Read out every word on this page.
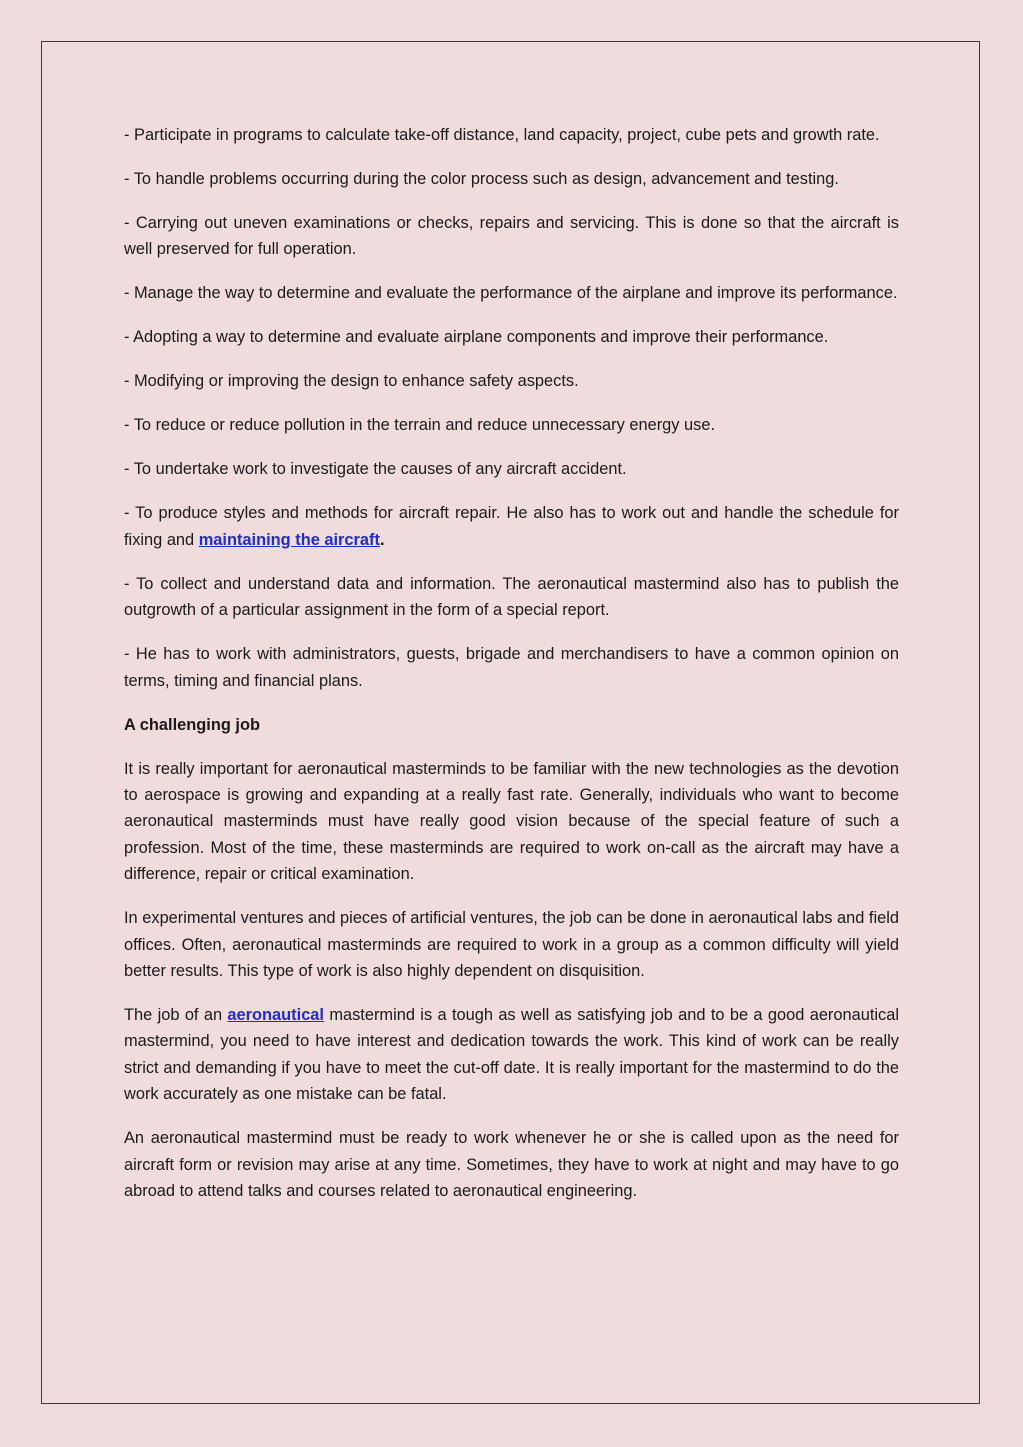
- Participate in programs to calculate take-off distance, land capacity, project, cube pets and growth rate.

- To handle problems occurring during the color process such as design, advancement and testing.

- Carrying out uneven examinations or checks, repairs and servicing. This is done so that the aircraft is well preserved for full operation.

- Manage the way to determine and evaluate the performance of the airplane and improve its performance.

- Adopting a way to determine and evaluate airplane components and improve their performance.

- Modifying or improving the design to enhance safety aspects.

- To reduce or reduce pollution in the terrain and reduce unnecessary energy use.

- To undertake work to investigate the causes of any aircraft accident.

- To produce styles and methods for aircraft repair. He also has to work out and handle the schedule for fixing and maintaining the aircraft.

- To collect and understand data and information. The aeronautical mastermind also has to publish the outgrowth of a particular assignment in the form of a special report.

- He has to work with administrators, guests, brigade and merchandisers to have a common opinion on terms, timing and financial plans.

A challenging job

It is really important for aeronautical masterminds to be familiar with the new technologies as the devotion to aerospace is growing and expanding at a really fast rate. Generally, individuals who want to become aeronautical masterminds must have really good vision because of the special feature of such a profession. Most of the time, these masterminds are required to work on-call as the aircraft may have a difference, repair or critical examination.

In experimental ventures and pieces of artificial ventures, the job can be done in aeronautical labs and field offices. Often, aeronautical masterminds are required to work in a group as a common difficulty will yield better results. This type of work is also highly dependent on disquisition.

The job of an aeronautical mastermind is a tough as well as satisfying job and to be a good aeronautical mastermind, you need to have interest and dedication towards the work. This kind of work can be really strict and demanding if you have to meet the cut-off date. It is really important for the mastermind to do the work accurately as one mistake can be fatal.

An aeronautical mastermind must be ready to work whenever he or she is called upon as the need for aircraft form or revision may arise at any time. Sometimes, they have to work at night and may have to go abroad to attend talks and courses related to aeronautical engineering.
